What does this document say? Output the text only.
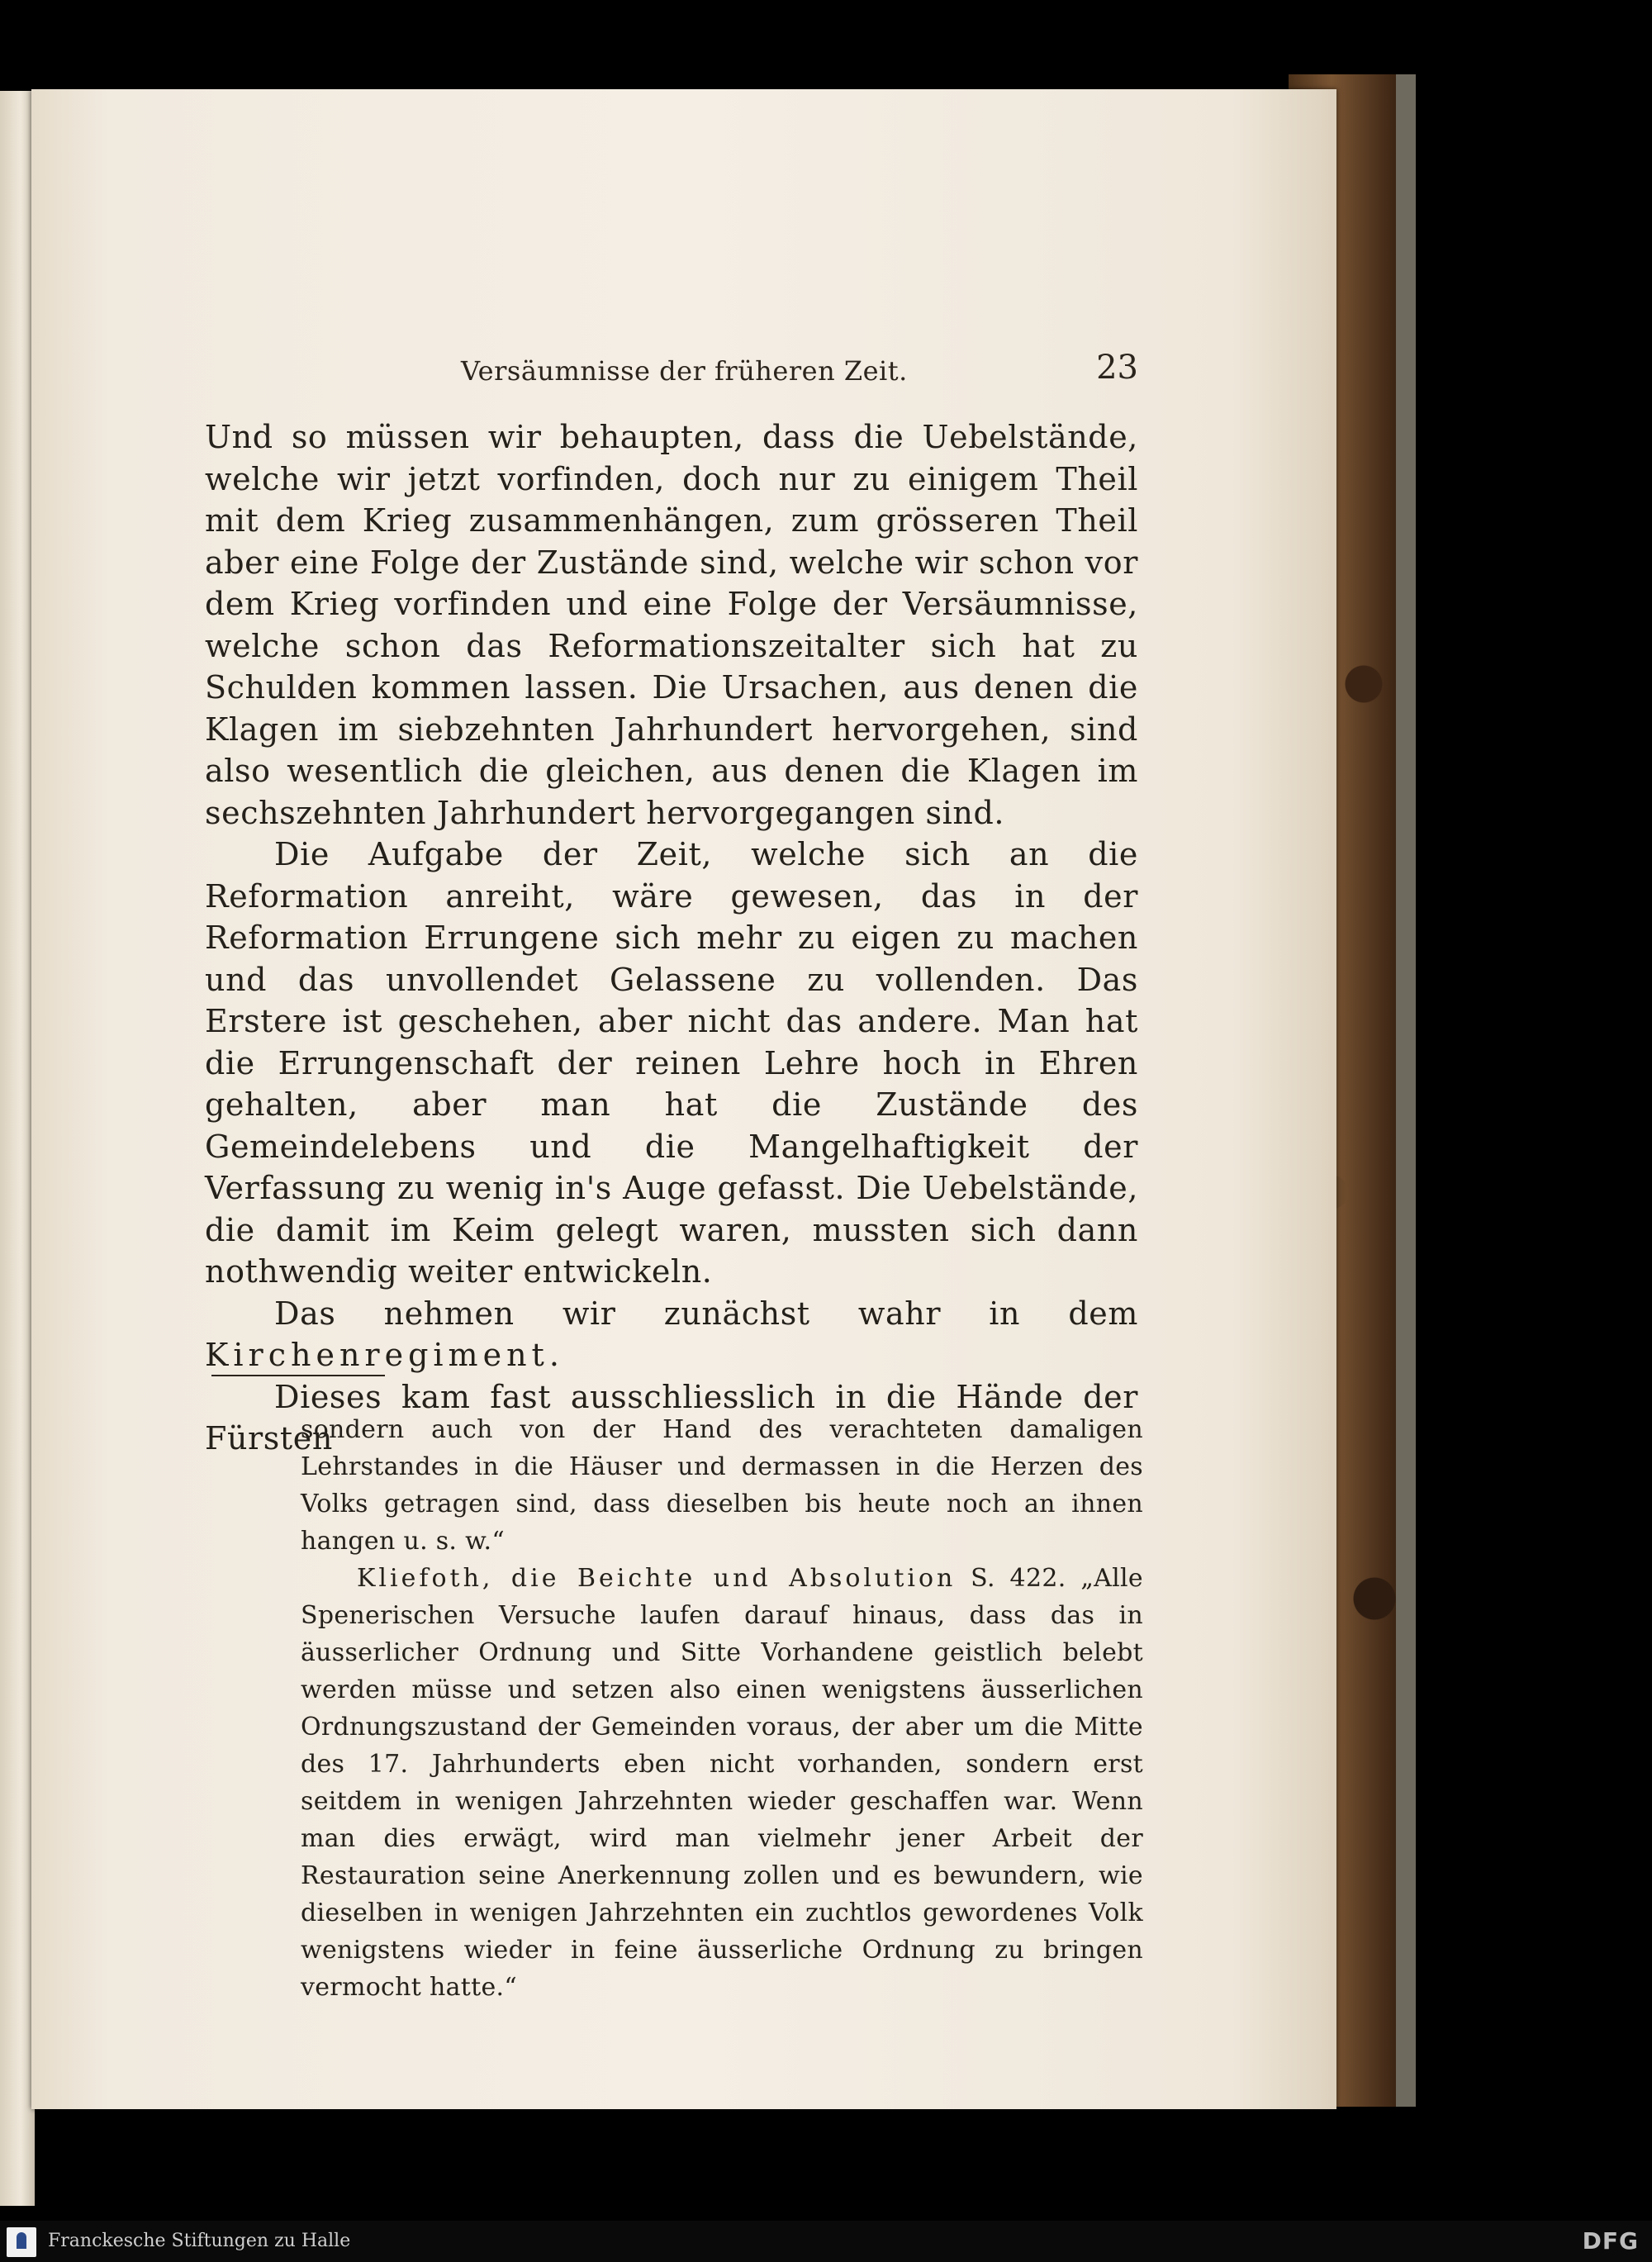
Versäumnisse der früheren Zeit.	23

Und so müssen wir behaupten, dass die Uebelstände, welche wir jetzt vorfinden, doch nur zu einigem Theil mit dem Krieg zusammenhängen, zum grösseren Theil aber eine Folge der Zustände sind, welche wir schon vor dem Krieg vorfinden und eine Folge der Versäumnisse, welche schon das Reformationszeitalter sich hat zu Schulden kommen lassen. Die Ursachen, aus denen die Klagen im siebzehnten Jahrhundert hervorgehen, sind also wesentlich die gleichen, aus denen die Klagen im sechszehnten Jahrhundert hervorgegangen sind.

Die Aufgabe der Zeit, welche sich an die Reformation anreiht, wäre gewesen, das in der Reformation Errungene sich mehr zu eigen zu machen und das unvollendet Gelassene zu vollenden. Das Erstere ist geschehen, aber nicht das andere. Man hat die Errungenschaft der reinen Lehre hoch in Ehren gehalten, aber man hat die Zustände des Gemeindelebens und die Mangelhaftigkeit der Verfassung zu wenig in's Auge gefasst. Die Uebelstände, die damit im Keim gelegt waren, mussten sich dann nothwendig weiter entwickeln.

Das nehmen wir zunächst wahr in dem Kirchenregiment.

Dieses kam fast ausschliesslich in die Hände der Fürsten

sondern auch von der Hand des verachteten damaligen Lehrstandes in die Häuser und dermassen in die Herzen des Volks getragen sind, dass dieselben bis heute noch an ihnen hangen u. s. w.“

Kliefoth, die Beichte und Absolution S. 422. „Alle Spenerischen Versuche laufen darauf hinaus, dass das in äusserlicher Ordnung und Sitte Vorhandene geistlich belebt werden müsse und setzen also einen wenigstens äusserlichen Ordnungszustand der Gemeinden voraus, der aber um die Mitte des 17. Jahrhunderts eben nicht vorhanden, sondern erst seitdem in wenigen Jahrzehnten wieder geschaffen war. Wenn man dies erwägt, wird man vielmehr jener Arbeit der Restauration seine Anerkennung zollen und es bewundern, wie dieselben in wenigen Jahrzehnten ein zuchtlos gewordenes Volk wenigstens wieder in feine äusserliche Ordnung zu bringen vermocht hatte.“

Franckesche Stiftungen zu Halle	DFG
